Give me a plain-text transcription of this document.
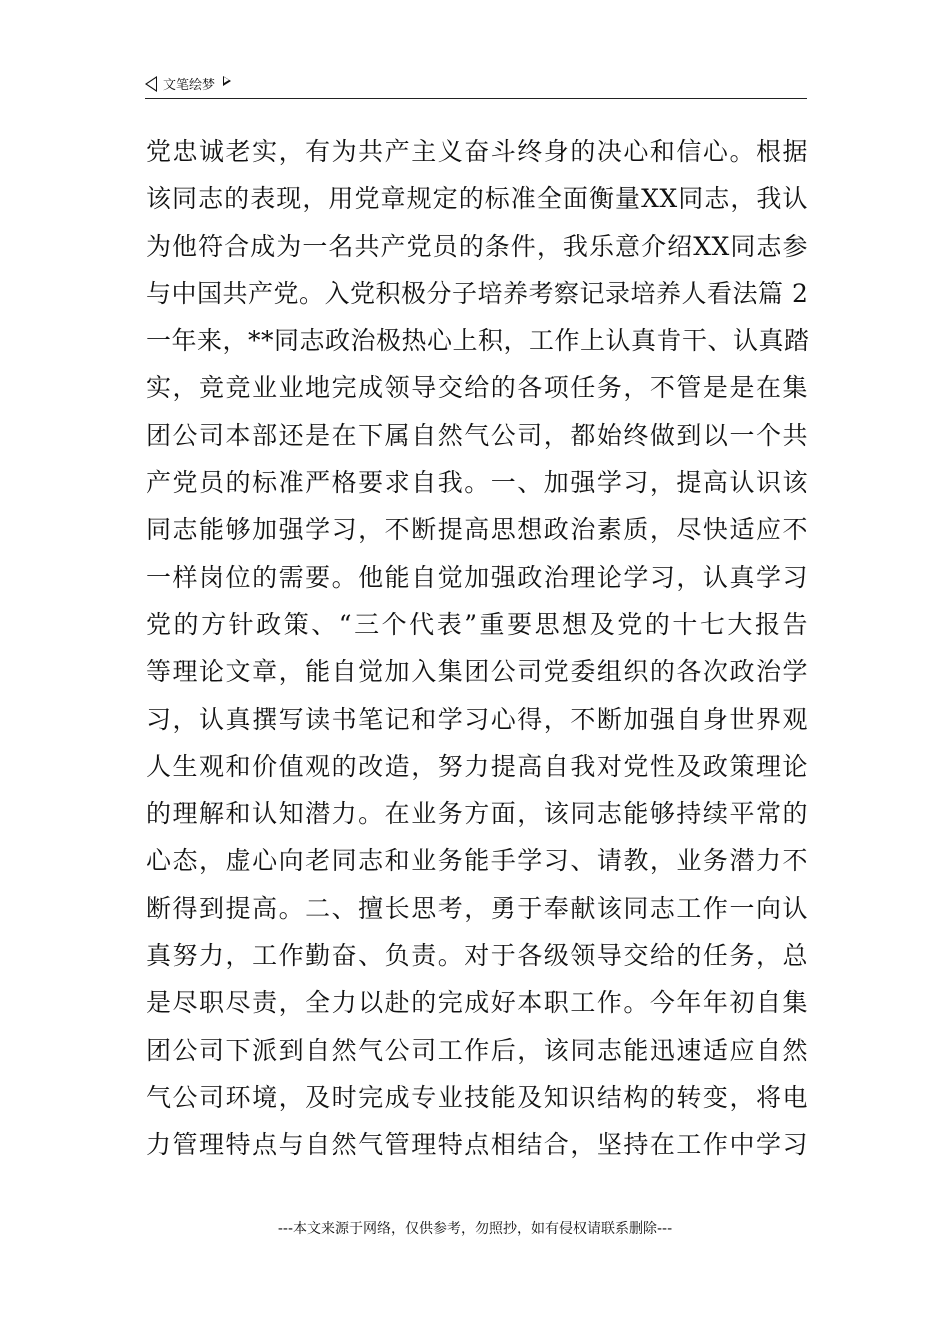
文笔绘梦
党忠诚老实，有为共产主义奋斗终身的决心和信心。根据
该同志的表现，用党章规定的标准全面衡量XX同志，我认
为他符合成为一名共产党员的条件，我乐意介绍XX同志参
与中国共产党。入党积极分子培养考察记录培养人看法篇 2
一年来，**同志政治极热心上积，工作上认真肯干、认真踏
实，竞竞业业地完成领导交给的各项任务，不管是是在集
团公司本部还是在下属自然气公司，都始终做到以一个共
产党员的标准严格要求自我。一、加强学习，提高认识该
同志能够加强学习，不断提高思想政治素质，尽快适应不
一样岗位的需要。他能自觉加强政治理论学习，认真学习
党的方针政策、“三个代表”重要思想及党的十七大报告
等理论文章，能自觉加入集团公司党委组织的各次政治学
习，认真撰写读书笔记和学习心得，不断加强自身世界观
人生观和价值观的改造，努力提高自我对党性及政策理论
的理解和认知潜力。在业务方面，该同志能够持续平常的
心态，虚心向老同志和业务能手学习、请教，业务潜力不
断得到提高。二、擅长思考，勇于奉献该同志工作一向认
真努力，工作勤奋、负责。对于各级领导交给的任务，总
是尽职尽责，全力以赴的完成好本职工作。今年年初自集
团公司下派到自然气公司工作后，该同志能迅速适应自然
气公司环境，及时完成专业技能及知识结构的转变，将电
力管理特点与自然气管理特点相结合，坚持在工作中学习
---本文来源于网络，仅供参考，勿照抄，如有侵权请联系删除---
